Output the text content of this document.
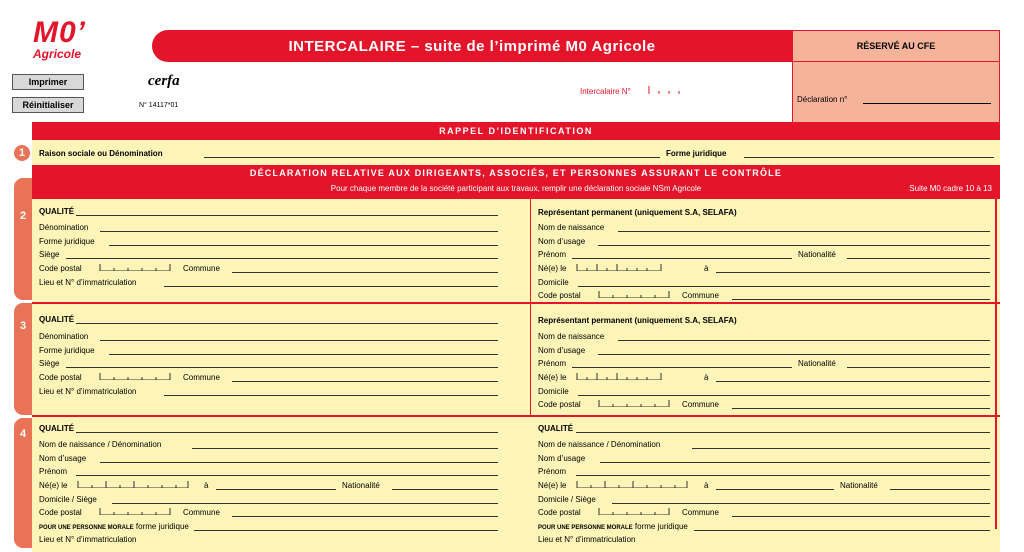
M0’
Agricole
Imprimer
Réinitialiser
cerfa
N° 14117*01
INTERCALAIRE – suite de l’imprimé M0 Agricole	RÉSERVÉ AU CFE
Déclaration n°
Intercalaire N°
1
2
3
4
RAPPEL D’IDENTIFICATION
Raison sociale ou Dénomination	Forme juridique
DÉCLARATION RELATIVE AUX DIRIGEANTS, ASSOCIÉS, ET PERSONNES ASSURANT LE CONTRÔLE
Pour chaque membre de la société participant aux travaux, remplir une déclaration sociale NSm Agricole	Suite M0 cadre 10 à 13
QUALITÉ
Dénomination
Forme juridique
Siège
Code postal	Commune
Lieu et N° d’immatriculation
Représentant permanent (uniquement S.A, SELAFA)
Nom de naissance
Nom d’usage
Prénom	Nationalité
Né(e) le	à
Domicile
Code postal	Commune
QUALITÉ
Dénomination
Forme juridique
Siège
Code postal	Commune
Lieu et N° d’immatriculation
Représentant permanent (uniquement S.A, SELAFA)
Nom de naissance
Nom d’usage
Prénom	Nationalité
Né(e) le	à
Domicile
Code postal	Commune
QUALITÉ
Nom de naissance / Dénomination
Nom d’usage
Prénom
Né(e) le	à	Nationalité
Domicile / Siège
Code postal	Commune
POUR UNE PERSONNE MORALE forme juridique
Lieu et N° d’immatriculation
QUALITÉ
Nom de naissance / Dénomination
Nom d’usage
Prénom
Né(e) le	à	Nationalité
Domicile / Siège
Code postal	Commune
POUR UNE PERSONNE MORALE forme juridique
Lieu et N° d’immatriculation
